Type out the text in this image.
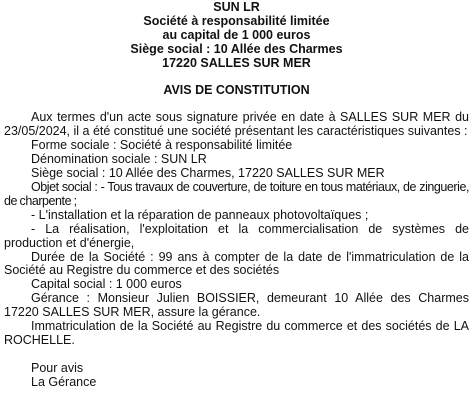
SUN LR
Société à responsabilité limitée
au capital de 1 000 euros
Siège social : 10 Allée des Charmes
17220 SALLES SUR MER
AVIS DE CONSTITUTION

Aux termes d'un acte sous signature privée en date à SALLES SUR MER du 23/05/2024, il a été constitué une société présentant les caractéristiques suivantes :

Forme sociale : Société à responsabilité limitée

Dénomination sociale : SUN LR

Siège social : 10 Allée des Charmes, 17220 SALLES SUR MER

Objet social : - Tous travaux de couverture, de toiture en tous matériaux, de zinguerie, de charpente ;

- L'installation et la réparation de panneaux photovoltaïques ;

- La réalisation, l'exploitation et la commercialisation de systèmes de production et d'énergie,

Durée de la Société : 99 ans à compter de la date de l'immatriculation de la Société au Registre du commerce et des sociétés

Capital social : 1 000 euros

Gérance : Monsieur Julien BOISSIER, demeurant 10 Allée des Charmes 17220 SALLES SUR MER, assure la gérance.

Immatriculation de la Société au Registre du commerce et des sociétés de LA ROCHELLE.

Pour avis

La Gérance
